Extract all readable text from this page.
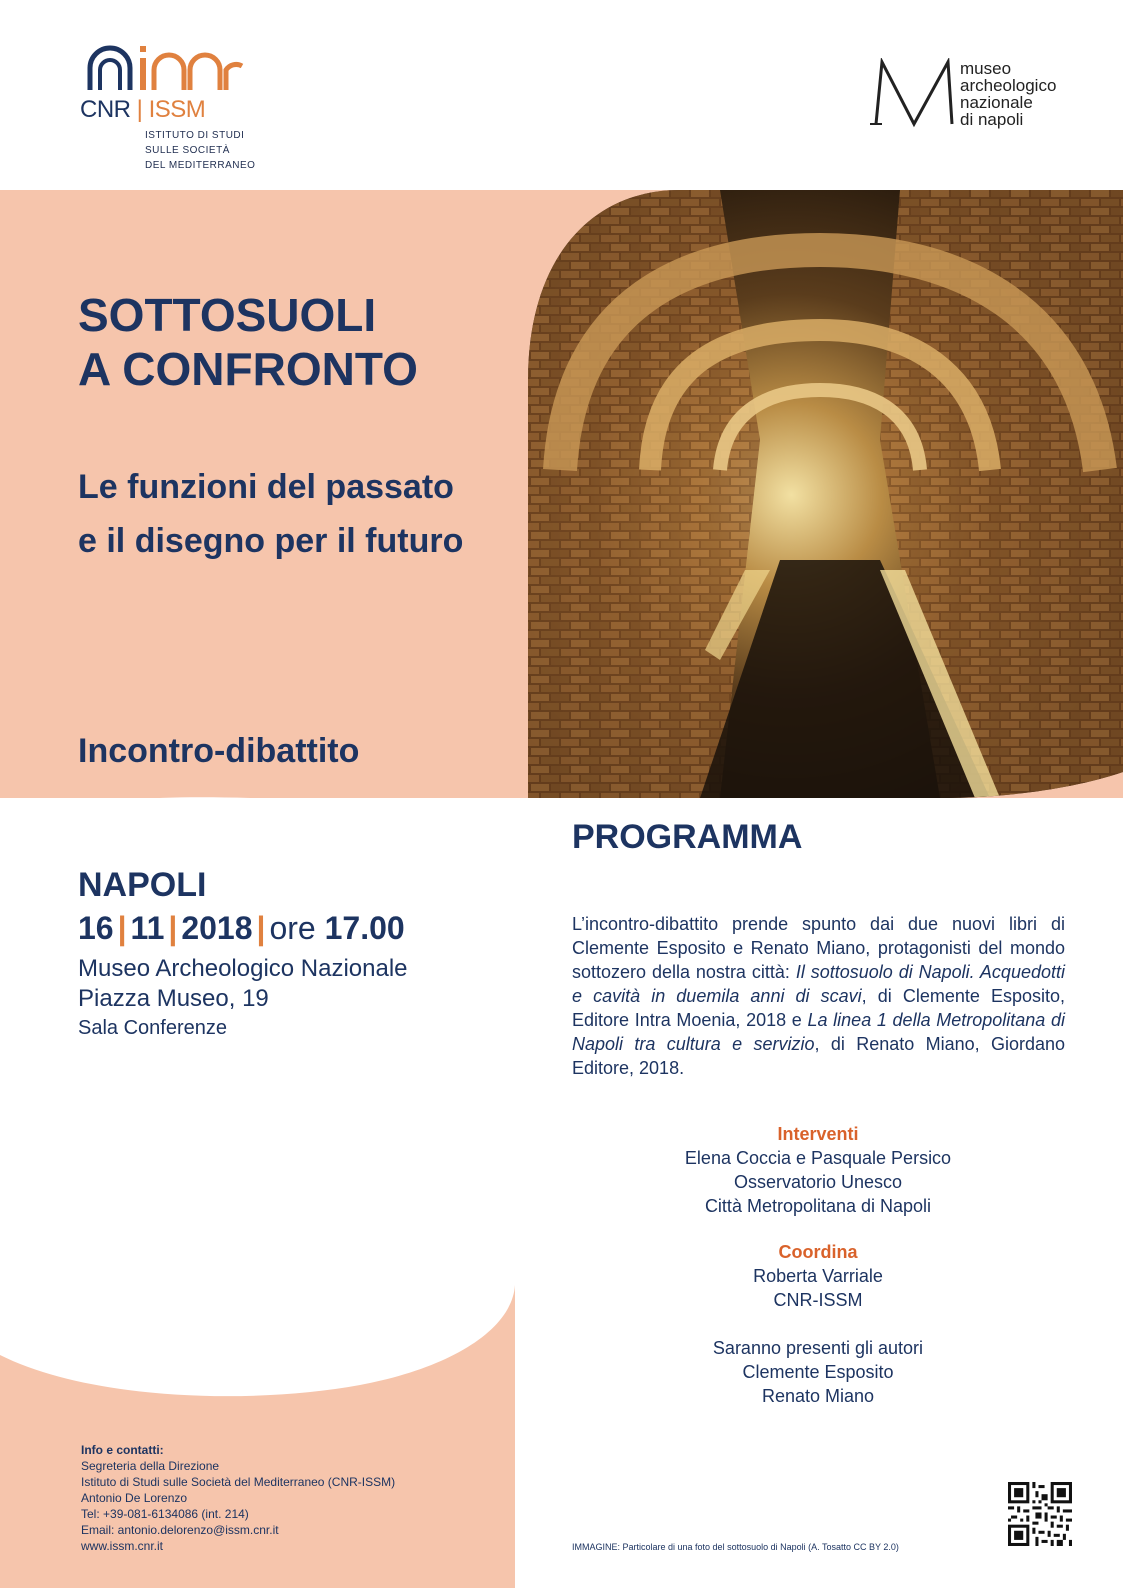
CNR | ISSM
ISTITUTO DI STUDI
SULLE SOCIETÀ
DEL MEDITERRANEO
museo
archeologico
nazionale
di napoli
SOTTOSUOLI
A CONFRONTO
Le funzioni del passato
e il disegno per il futuro
Incontro-dibattito
NAPOLI
16 | 11 | 2018 | ore 17.00
Museo Archeologico Nazionale
Piazza Museo, 19
Sala Conferenze
PROGRAMMA
L’incontro-dibattito prende spunto dai due nuovi libri di Clemente Esposito e Renato Miano, protagonisti del mondo sottozero della nostra città: Il sottosuolo di Napoli. Acquedotti e cavità in duemila anni di scavi, di Clemente Esposito, Editore Intra Moenia, 2018 e La linea 1 della Metropolitana di Napoli tra cultura e servizio, di Renato Miano, Giordano Editore, 2018.
Interventi
Elena Coccia e Pasquale Persico
Osservatorio Unesco
Città Metropolitana di Napoli
Coordina
Roberta Varriale
CNR-ISSM
Saranno presenti gli autori
Clemente Esposito
Renato Miano
Info e contatti:
Segreteria della Direzione
Istituto di Studi sulle Società del Mediterraneo (CNR-ISSM)
Antonio De Lorenzo
Tel: +39-081-6134086 (int. 214)
Email: antonio.delorenzo@issm.cnr.it
www.issm.cnr.it	IMMAGINE: Particolare di una foto del sottosuolo di Napoli (A. Tosatto CC BY 2.0)
